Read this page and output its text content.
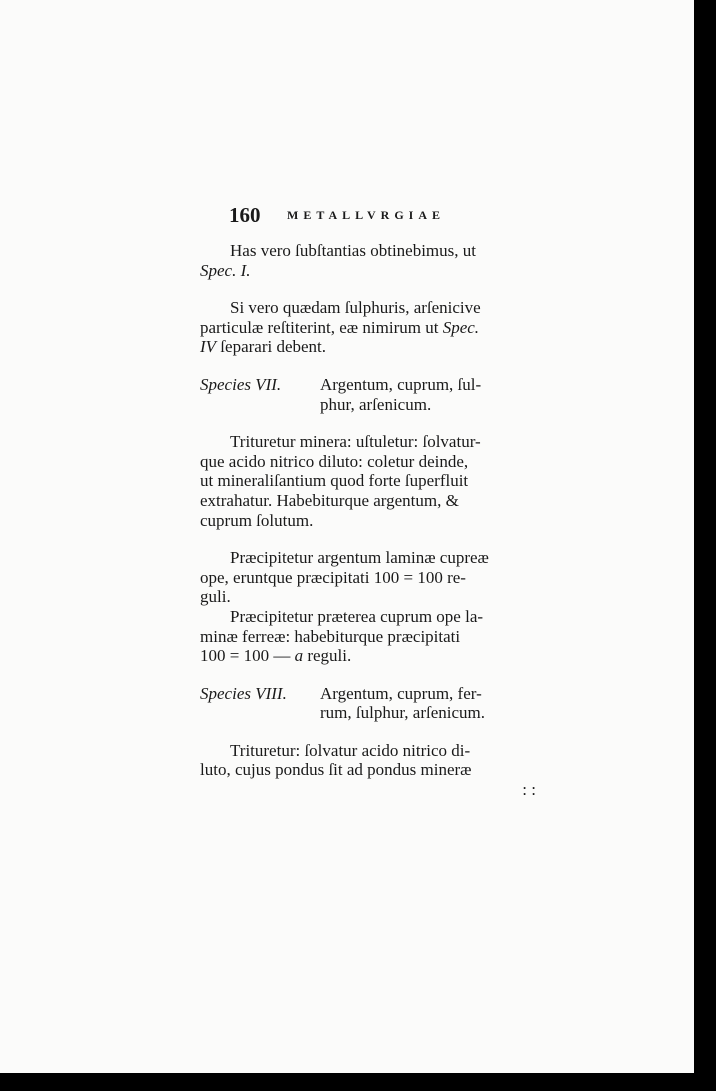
160 METALLVRGIAE

Has vero ſubſtantias obtinebimus, ut

Spec. I.

Si vero quædam ſulphuris, arſenicive

particulæ reſtiterint, eæ nimirum ut Spec.

IV ſeparari debent.

Species VII.	Argentum, cuprum, ſul-
phur, arſenicum.

Trituretur minera: uſtuletur: ſolvatur-

que acido nitrico diluto: coletur deinde,

ut mineraliſantium quod forte ſuperfluit

extrahatur. Habebiturque argentum, &

cuprum ſolutum.

Præcipitetur argentum laminæ cupreæ

ope, eruntque præcipitati 100 = 100 re-

guli.

Præcipitetur præterea cuprum ope la-

minæ ferreæ: habebiturque præcipitati

100 = 100 — a reguli.

Species VIII.	Argentum, cuprum, fer-
rum, ſulphur, arſenicum.

Trituretur: ſolvatur acido nitrico di-

luto, cujus pondus ſit ad pondus mineræ

: :
